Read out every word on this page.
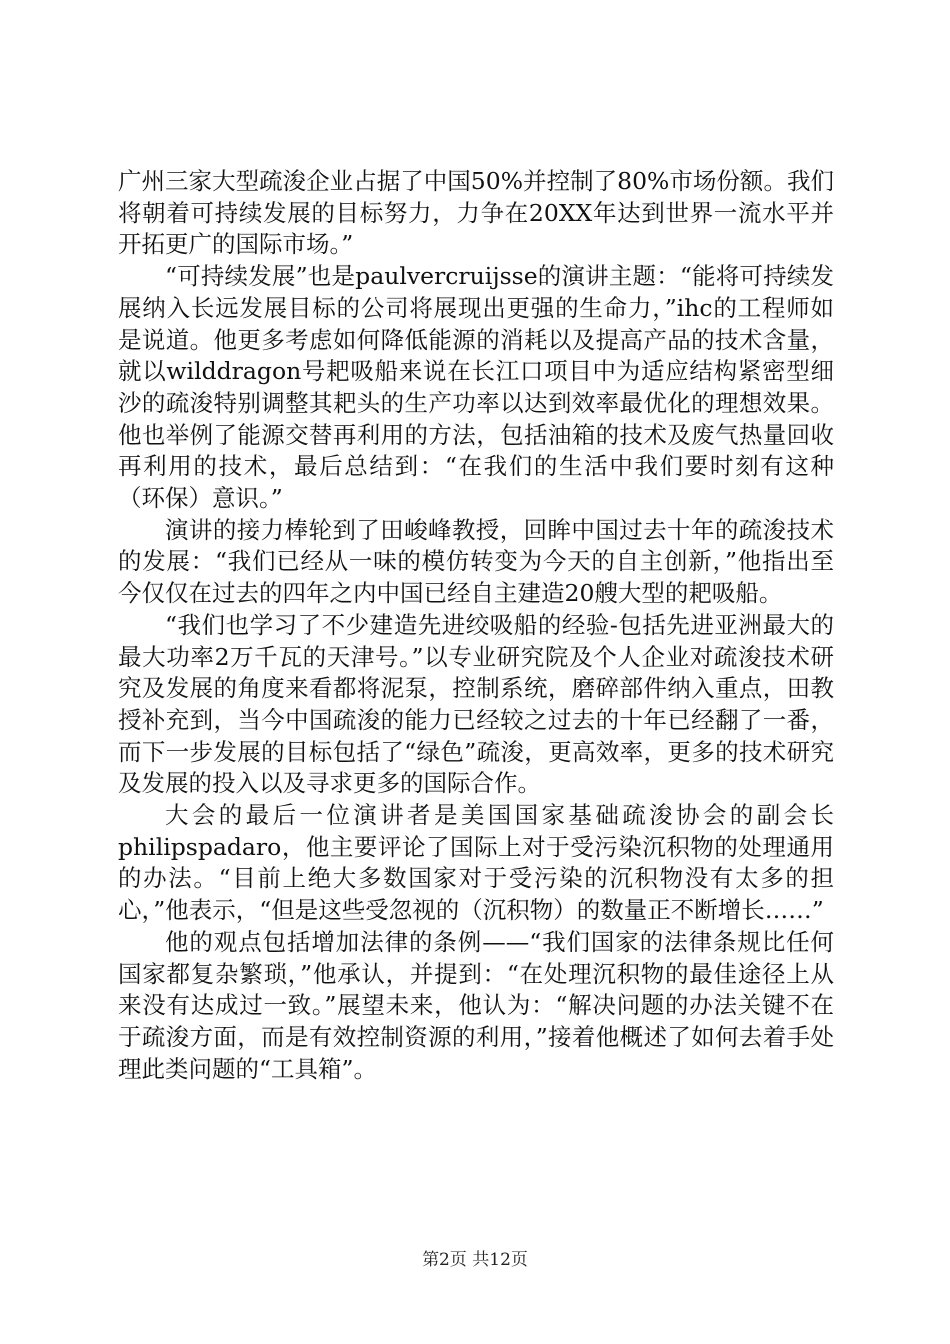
广州三家大型疏浚企业占据了中国50%并控制了80%市场份额。我们将朝着可持续发展的目标努力，力争在20XX年达到世界一流水平并开拓更广的国际市场。”

“可持续发展”也是paulvercruijsse的演讲主题：“能将可持续发展纳入长远发展目标的公司将展现出更强的生命力，”ihc的工程师如是说道。他更多考虑如何降低能源的消耗以及提高产品的技术含量，就以wilddragon号耙吸船来说在长江口项目中为适应结构紧密型细沙的疏浚特别调整其耙头的生产功率以达到效率最优化的理想效果。他也举例了能源交替再利用的方法，包括油箱的技术及废气热量回收再利用的技术，最后总结到：“在我们的生活中我们要时刻有这种（环保）意识。”

演讲的接力棒轮到了田峻峰教授，回眸中国过去十年的疏浚技术的发展：“我们已经从一味的模仿转变为今天的自主创新，”他指出至今仅仅在过去的四年之内中国已经自主建造20艘大型的耙吸船。

“我们也学习了不少建造先进绞吸船的经验-包括先进亚洲最大的最大功率2万千瓦的天津号。”以专业研究院及个人企业对疏浚技术研究及发展的角度来看都将泥泵，控制系统，磨碎部件纳入重点，田教授补充到，当今中国疏浚的能力已经较之过去的十年已经翻了一番，而下一步发展的目标包括了“绿色”疏浚，更高效率，更多的技术研究及发展的投入以及寻求更多的国际合作。

大会的最后一位演讲者是美国国家基础疏浚协会的副会长philipspadaro，他主要评论了国际上对于受污染沉积物的处理通用的办法。“目前上绝大多数国家对于受污染的沉积物没有太多的担心，”他表示，“但是这些受忽视的（沉积物）的数量正不断增长……”

他的观点包括增加法律的条例——“我们国家的法律条规比任何国家都复杂繁琐，”他承认，并提到：“在处理沉积物的最佳途径上从来没有达成过一致。”展望未来，他认为：“解决问题的办法关键不在于疏浚方面，而是有效控制资源的利用，”接着他概述了如何去着手处理此类问题的“工具箱”。

第2页 共12页
